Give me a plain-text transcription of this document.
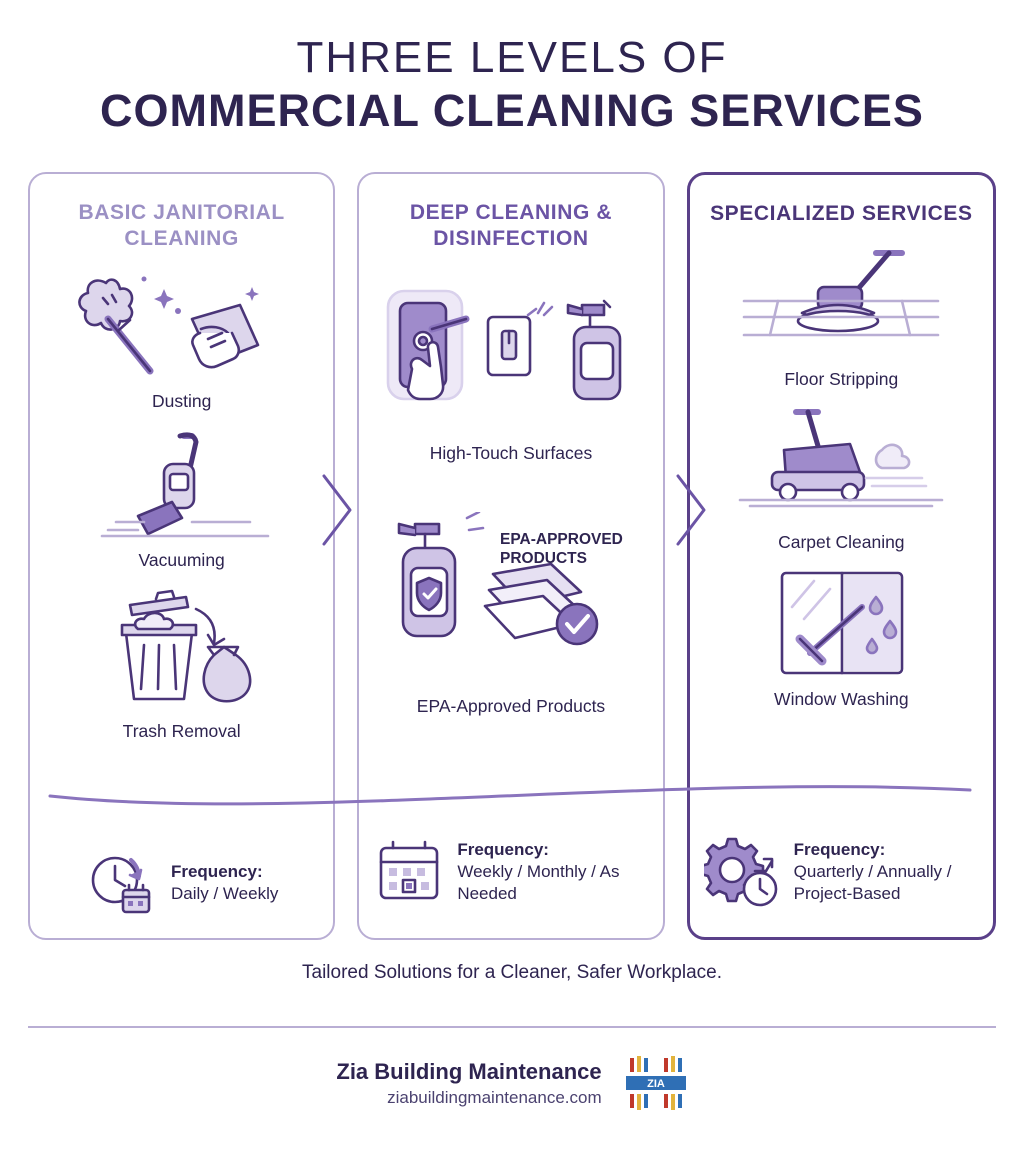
THREE LEVELS OF
COMMERCIAL CLEANING SERVICES
BASIC JANITORIAL CLEANING
Dusting
Vacuuming
Trash Removal
Frequency:
Daily / Weekly
DEEP CLEANING & DISINFECTION
High-Touch Surfaces
EPA-Approved Products
Frequency:
Weekly / Monthly / As Needed
SPECIALIZED SERVICES
Floor Stripping
Carpet Cleaning
Window Washing
Frequency:
Quarterly / Annually / Project-Based
EPA-APPROVED PRODUCTS
Tailored Solutions for a Cleaner, Safer Workplace.
Zia Building Maintenance
ziabuildingmaintenance.com
ZIA
